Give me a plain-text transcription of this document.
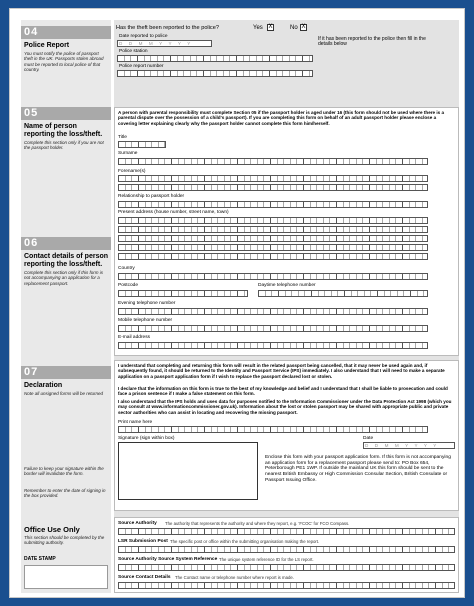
04
Police Report
You must notify the police of passport theft in the UK. Passports stolen abroad must be reported to local police of that country.
05
Name of person reporting the loss/theft.
Complete this section only if you are not the passport holder.
06
Contact details of person reporting the loss/theft.
Complete this section only if this form is not accompanying an application for a replacement passport.
07
Declaration
Note all unsigned forms will be returned
Failure to keep your signature within the border will invalidate the form.
Remember to enter the date of signing in the box provided.
Office Use Only
This section should be completed by the submitting authority.
DATE STAMP
Has the theft been reported to the police?	Yes X	No X
Date reported to police
D D M M Y Y Y Y
Police station
Police report number
If it has been reported to the police then fill in the details below
A person with parental responsibility must complete Section 05 if the passport holder is aged under 16 (this form should not be used where there is a parental dispute over the possession of a child's passport). If you are completing this form on behalf of an adult passport holder please enclose a covering letter explaining clearly why the passport holder cannot complete this form him/herself.
Title
Surname
Forename(s)
Relationship to passport holder
Present address (house number, street name, town)
Country
Postcode	Daytime telephone number
Evening telephone number
Mobile telephone number
E-mail address
I understand that completing and returning this form will result in the related passport being cancelled, that it may never be used again and, if subsequently found, it should be returned to the Identity and Passport Service (IPS) immediately. I also understand that I will need to make a separate application on a passport application form if I wish to replace the passport declared lost or stolen.
I declare that the information on this form is true to the best of my knowledge and belief and I understand that I shall be liable to prosecution and could face a prison sentence if I make a false statement on this form.
I also understand that the IPS holds and uses data for purposes notified to the Information Commissioner under the Data Protection Act 1998 (which you may consult at www.informationcommissioner.gov.uk). Information about the lost or stolen passport may be shared with appropriate public and private sector authorities who can assist in locating and recovering the missing passport.
Print name here
Signature (sign within box)	Date
D D M M Y Y Y Y
Enclose this form with your passport application form. If this form is not accompanying an application form for a replacement passport please send to: PO Box 654, Peterborough PE1 1WP. If outside the mainland UK this form should be sent to the nearest British Embassy or High Commission Consular Section, British Consulate or Passport Issuing Office.
Source Authority The authority that represents the authority and where they report, e.g. 'FCOC' for FCO Compass.
LSR Submission Post The specific post or office within the submitting organisation making the report.
Source Authority Source System Reference The unique system reference ID for the LS report.
Source Contact Details The Contact name or telephone number where report is made.
